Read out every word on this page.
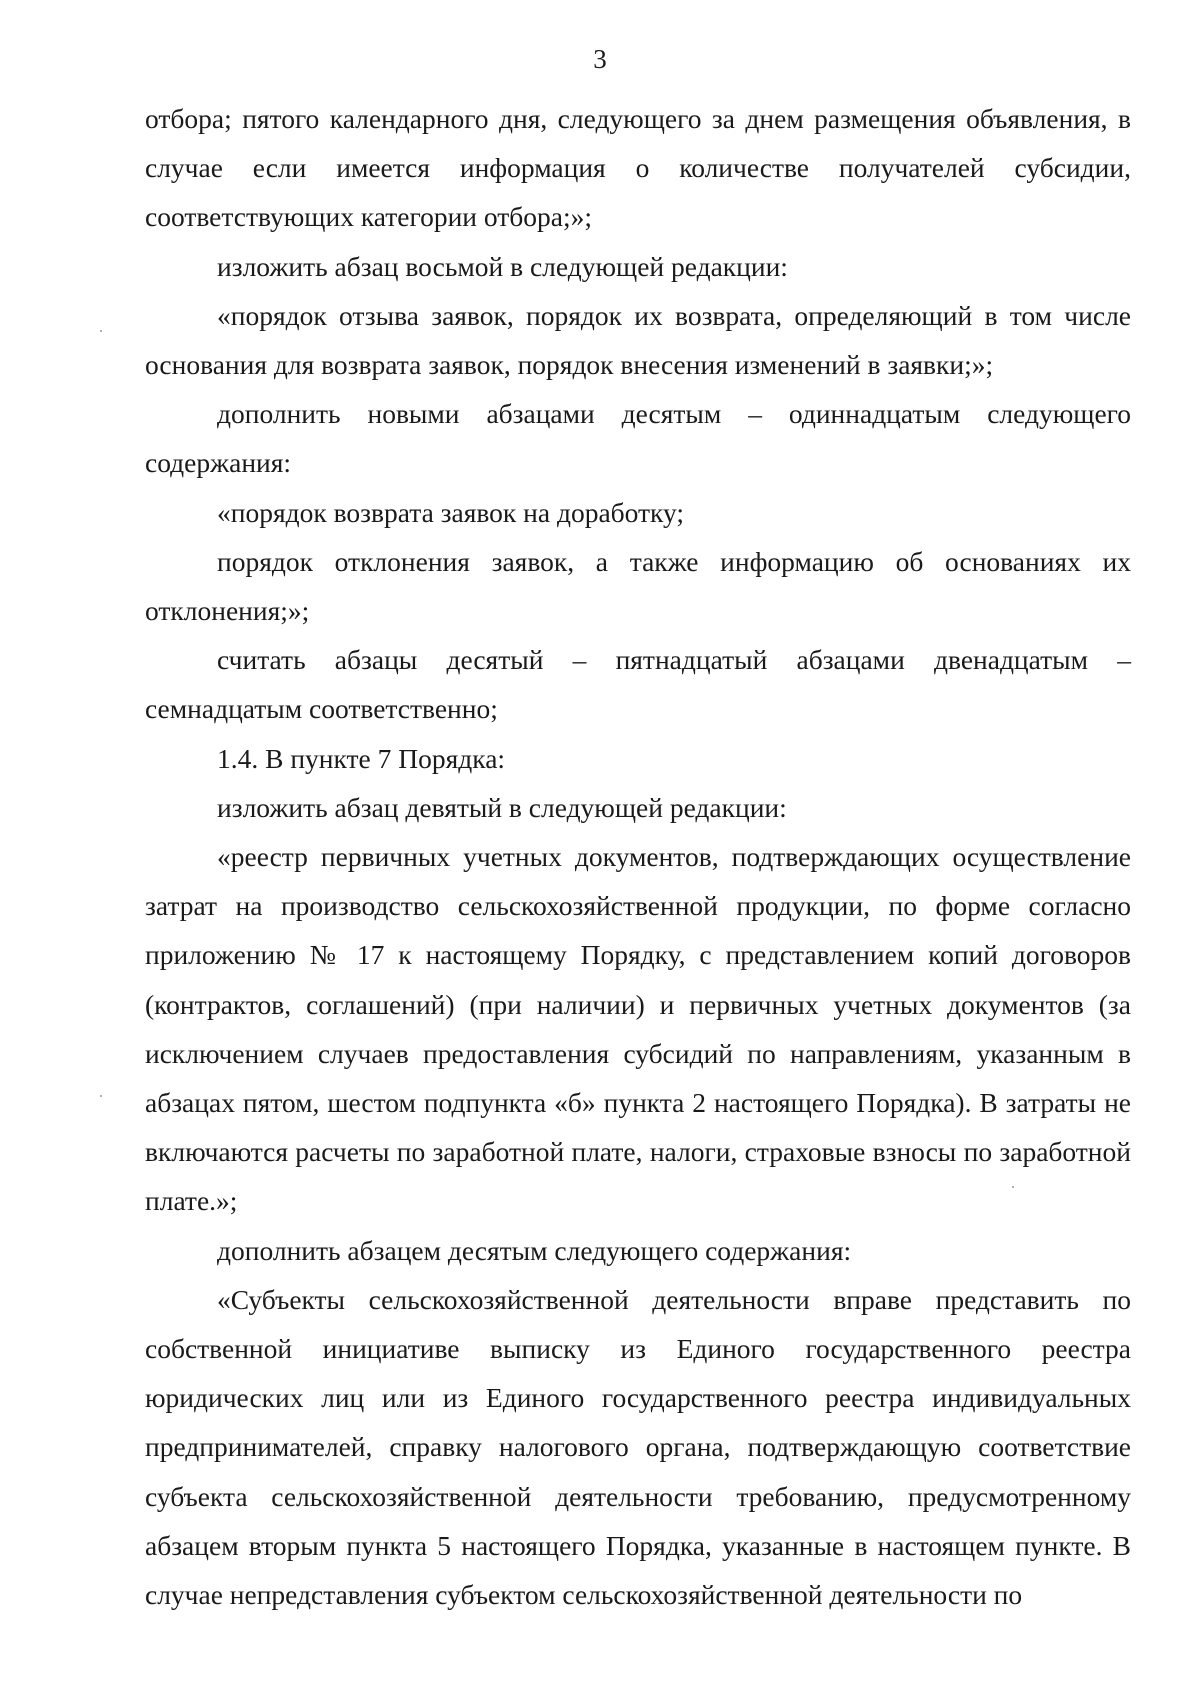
3

отбора; пятого календарного дня, следующего за днем размещения объявления, в случае если имеется информация о количестве получателей субсидии, соответствующих категории отбора;»;

изложить абзац восьмой в следующей редакции:

«порядок отзыва заявок, порядок их возврата, определяющий в том числе основания для возврата заявок, порядок внесения изменений в заявки;»;

дополнить новыми абзацами десятым – одиннадцатым следующего содержания:

«порядок возврата заявок на доработку;

порядок отклонения заявок, а также информацию об основаниях их отклонения;»;

считать абзацы десятый – пятнадцатый абзацами двенадцатым – семнадцатым соответственно;

1.4. В пункте 7 Порядка:

изложить абзац девятый в следующей редакции:

«реестр первичных учетных документов, подтверждающих осуществление затрат на производство сельскохозяйственной продукции, по форме согласно приложению № 17 к настоящему Порядку, с представлением копий договоров (контрактов, соглашений) (при наличии) и первичных учетных документов (за исключением случаев предоставления субсидий по направлениям, указанным в абзацах пятом, шестом подпункта «б» пункта 2 настоящего Порядка). В затраты не включаются расчеты по заработной плате, налоги, страховые взносы по заработной плате.»;

дополнить абзацем десятым следующего содержания:

«Субъекты сельскохозяйственной деятельности вправе представить по собственной инициативе выписку из Единого государственного реестра юридических лиц или из Единого государственного реестра индивидуальных предпринимателей, справку налогового органа, подтверждающую соответствие субъекта сельскохозяйственной деятельности требованию, предусмотренному абзацем вторым пункта 5 настоящего Порядка, указанные в настоящем пункте. В случае непредставления субъектом сельскохозяйственной деятельности по
